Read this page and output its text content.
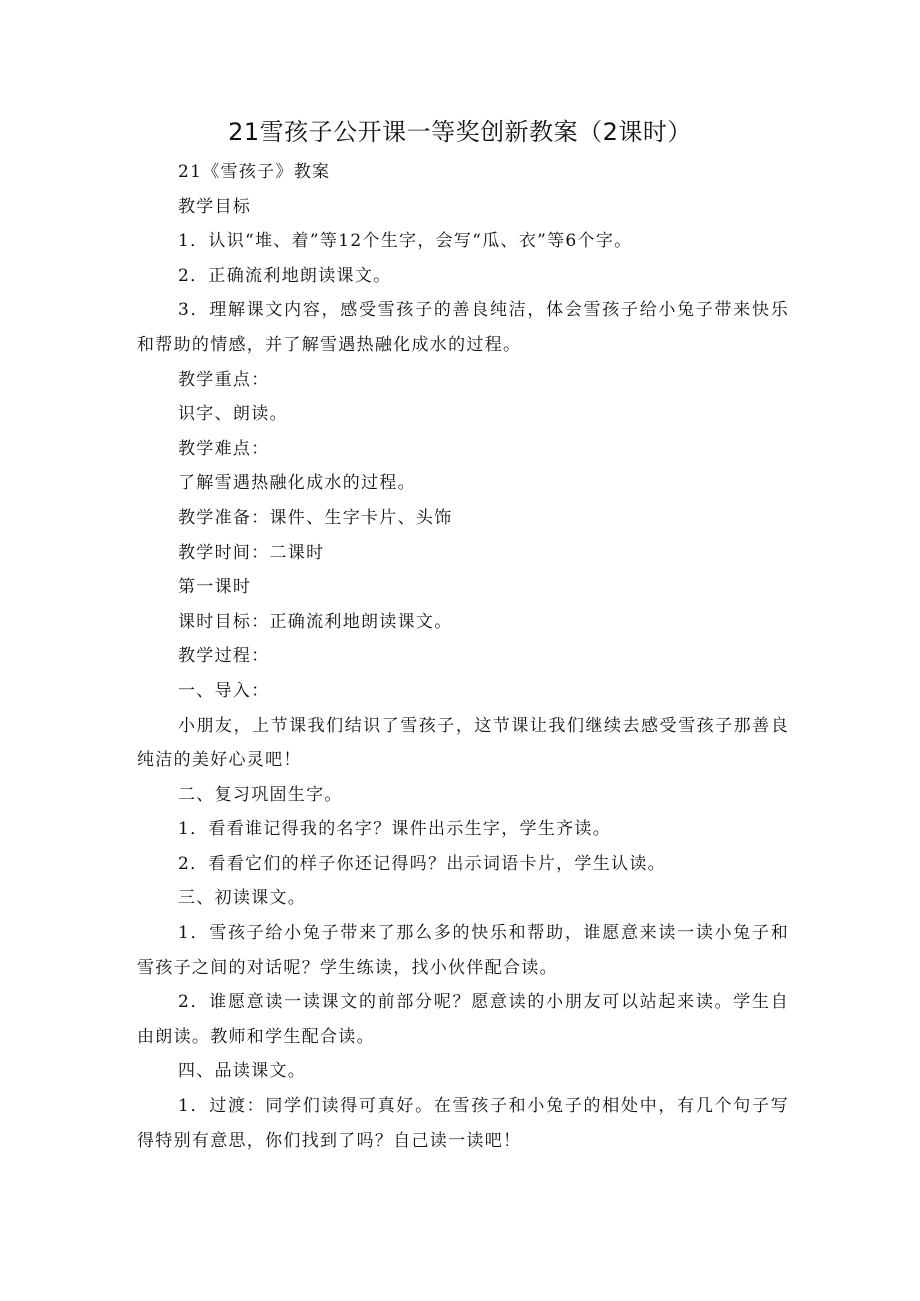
21雪孩子公开课一等奖创新教案（2课时）

21《雪孩子》教案

教学目标

1．认识“堆、着”等12个生字，会写“瓜、衣”等6个字。

2．正确流利地朗读课文。

3．理解课文内容，感受雪孩子的善良纯洁，体会雪孩子给小兔子带来快乐和帮助的情感，并了解雪遇热融化成水的过程。

教学重点：

识字、朗读。

教学难点：

了解雪遇热融化成水的过程。

教学准备：课件、生字卡片、头饰

教学时间：二课时

第一课时

课时目标：正确流利地朗读课文。

教学过程：

一、导入：

小朋友，上节课我们结识了雪孩子，这节课让我们继续去感受雪孩子那善良纯洁的美好心灵吧！

二、复习巩固生字。

1．看看谁记得我的名字？课件出示生字，学生齐读。

2．看看它们的样子你还记得吗？出示词语卡片，学生认读。

三、初读课文。

1．雪孩子给小兔子带来了那么多的快乐和帮助，谁愿意来读一读小兔子和雪孩子之间的对话呢？学生练读，找小伙伴配合读。

2．谁愿意读一读课文的前部分呢？愿意读的小朋友可以站起来读。学生自由朗读。教师和学生配合读。

四、品读课文。

1．过渡：同学们读得可真好。在雪孩子和小兔子的相处中，有几个句子写得特别有意思，你们找到了吗？自己读一读吧！
